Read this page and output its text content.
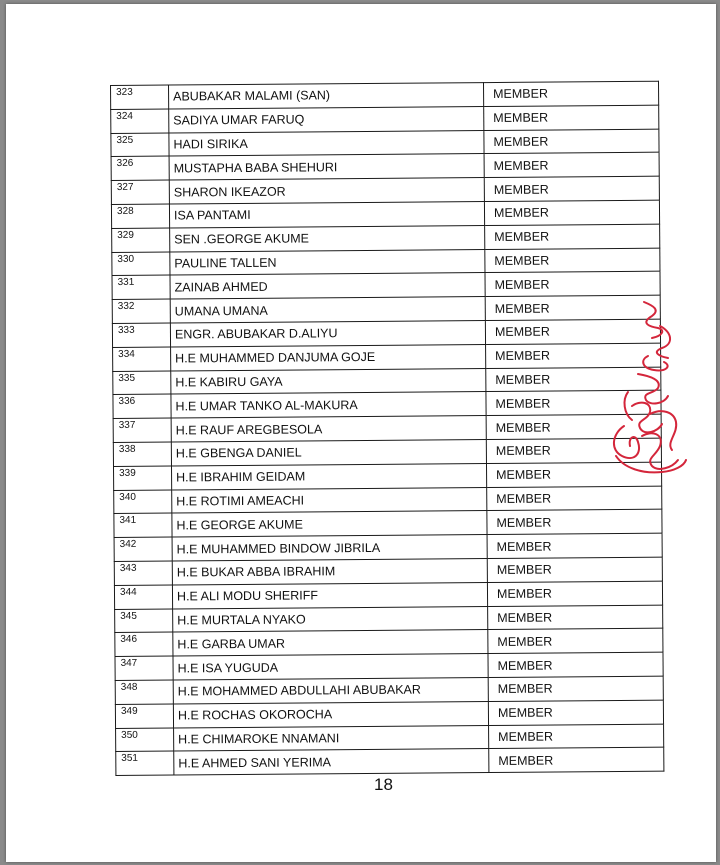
323	ABUBAKAR MALAMI (SAN)	MEMBER
324	SADIYA UMAR FARUQ	MEMBER
325	HADI SIRIKA	MEMBER
326	MUSTAPHA BABA SHEHURI	MEMBER
327	SHARON IKEAZOR	MEMBER
328	ISA PANTAMI	MEMBER
329	SEN .GEORGE AKUME	MEMBER
330	PAULINE TALLEN	MEMBER
331	ZAINAB AHMED	MEMBER
332	UMANA UMANA	MEMBER
333	ENGR. ABUBAKAR D.ALIYU	MEMBER
334	H.E MUHAMMED DANJUMA GOJE	MEMBER
335	H.E KABIRU GAYA	MEMBER
336	H.E UMAR TANKO AL-MAKURA	MEMBER
337	H.E RAUF AREGBESOLA	MEMBER
338	H.E GBENGA DANIEL	MEMBER
339	H.E IBRAHIM GEIDAM	MEMBER
340	H.E ROTIMI AMEACHI	MEMBER
341	H.E GEORGE AKUME	MEMBER
342	H.E MUHAMMED BINDOW JIBRILA	MEMBER
343	H.E BUKAR ABBA IBRAHIM	MEMBER
344	H.E ALI MODU SHERIFF	MEMBER
345	H.E MURTALA NYAKO	MEMBER
346	H.E GARBA UMAR	MEMBER
347	H.E ISA YUGUDA	MEMBER
348	H.E MOHAMMED ABDULLAHI ABUBAKAR	MEMBER
349	H.E ROCHAS OKOROCHA	MEMBER
350	H.E CHIMAROKE NNAMANI	MEMBER
351	H.E AHMED SANI YERIMA	MEMBER
18
